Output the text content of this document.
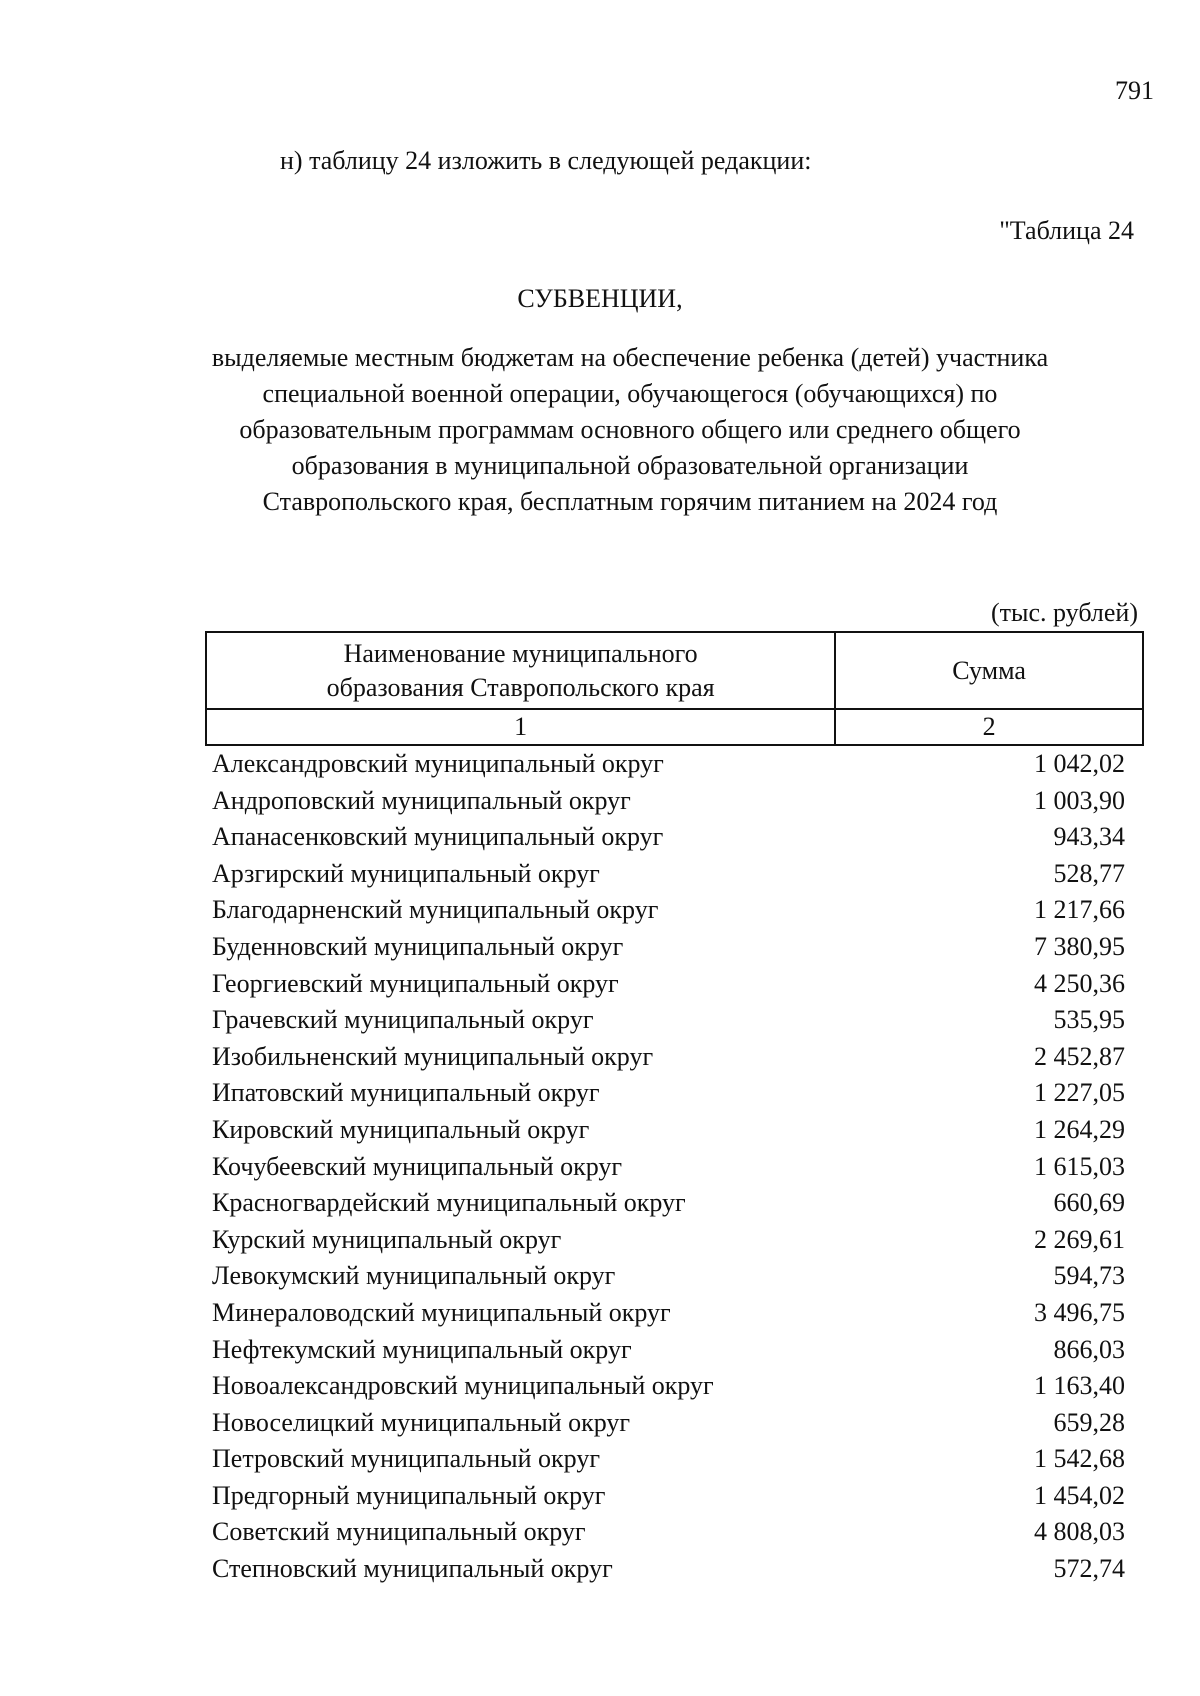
791
н) таблицу 24 изложить в следующей редакции:
"Таблица 24
СУБВЕНЦИИ,
выделяемые местным бюджетам на обеспечение ребенка (детей) участника
специальной военной операции, обучающегося (обучающихся) по
образовательным программам основного общего или среднего общего
образования в муниципальной образовательной организации
Ставропольского края, бесплатным горячим питанием на 2024 год
(тыс. рублей)
Наименование муниципального
образования Ставропольского края	Сумма
1	2
Александровский муниципальный округ	1 042,02
Андроповский муниципальный округ	1 003,90
Апанасенковский муниципальный округ	943,34
Арзгирский муниципальный округ	528,77
Благодарненский муниципальный округ	1 217,66
Буденновский муниципальный округ	7 380,95
Георгиевский муниципальный округ	4 250,36
Грачевский муниципальный округ	535,95
Изобильненский муниципальный округ	2 452,87
Ипатовский муниципальный округ	1 227,05
Кировский муниципальный округ	1 264,29
Кочубеевский муниципальный округ	1 615,03
Красногвардейский муниципальный округ	660,69
Курский муниципальный округ	2 269,61
Левокумский муниципальный округ	594,73
Минераловодский муниципальный округ	3 496,75
Нефтекумский муниципальный округ	866,03
Новоалександровский муниципальный округ	1 163,40
Новоселицкий муниципальный округ	659,28
Петровский муниципальный округ	1 542,68
Предгорный муниципальный округ	1 454,02
Советский муниципальный округ	4 808,03
Степновский муниципальный округ	572,74
